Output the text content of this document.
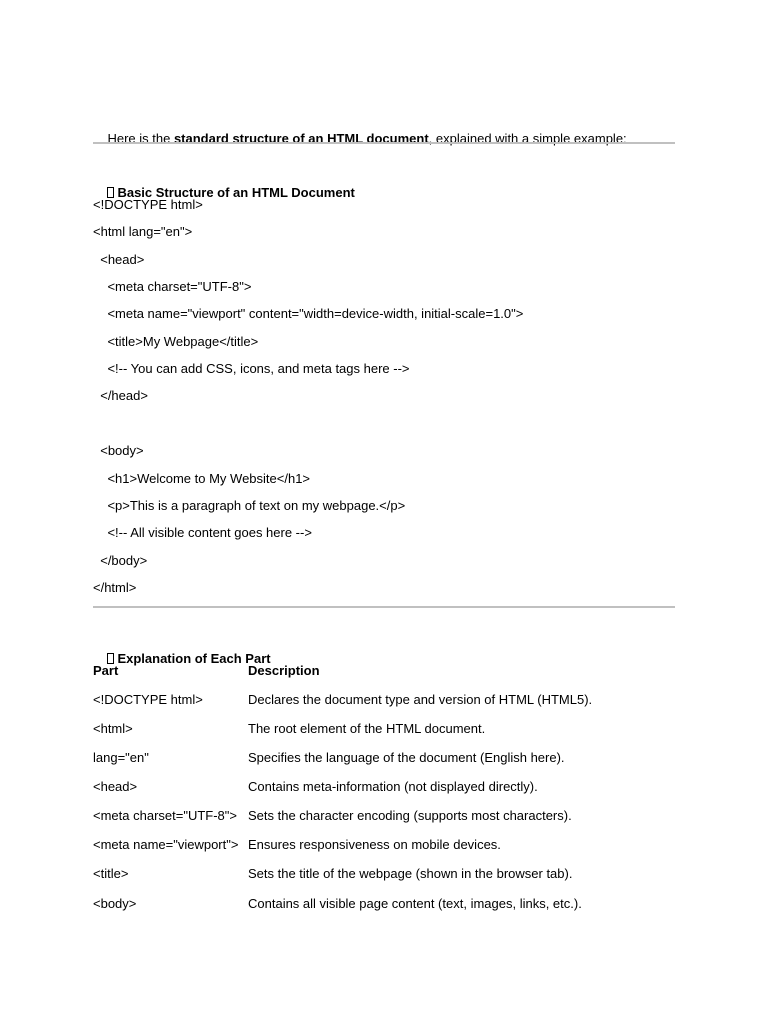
Here is the standard structure of an HTML document, explained with a simple example:

Basic Structure of an HTML Document

<!DOCTYPE html>
<html lang="en">
<head>
<meta charset="UTF-8">
<meta name="viewport" content="width=device-width, initial-scale=1.0">
<title>My Webpage</title>
<!-- You can add CSS, icons, and meta tags here -->
</head>
<body>
<h1>Welcome to My Website</h1>
<p>This is a paragraph of text on my webpage.</p>
<!-- All visible content goes here -->
</body>
</html>

Explanation of Each Part

Part	Description
<!DOCTYPE html>	Declares the document type and version of HTML (HTML5).
<html>	The root element of the HTML document.
lang="en"	Specifies the language of the document (English here).
<head>	Contains meta-information (not displayed directly).
<meta charset="UTF-8"> Sets the character encoding (supports most characters).
<meta name="viewport"> Ensures responsiveness on mobile devices.
<title>	Sets the title of the webpage (shown in the browser tab).
<body>	Contains all visible page content (text, images, links, etc.).
